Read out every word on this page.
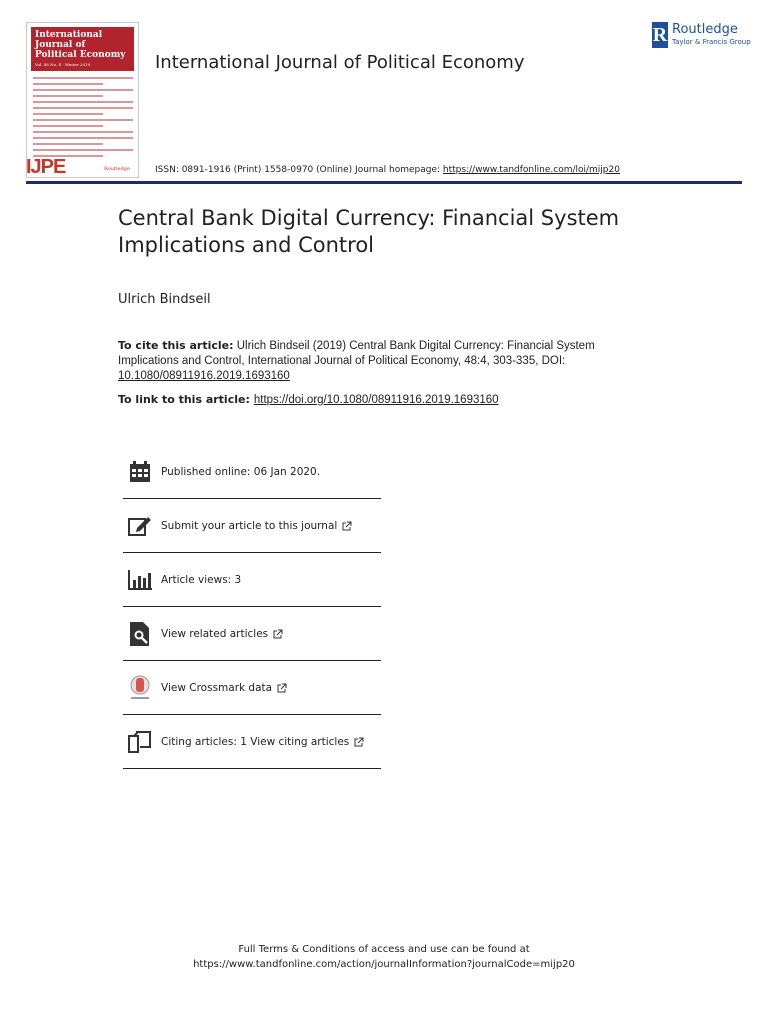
International Journal of Political Economy
Vol. 48 No. 4 · Winter 2019
IJPE	Routledge
International Journal of Political Economy
R Routledge
Taylor & Francis Group
ISSN: 0891-1916 (Print) 1558-0970 (Online) Journal homepage: https://www.tandfonline.com/loi/mijp20
Central Bank Digital Currency: Financial System Implications and Control
Ulrich Bindseil
To cite this article: Ulrich Bindseil (2019) Central Bank Digital Currency: Financial System Implications and Control, International Journal of Political Economy, 48:4, 303-335, DOI: 10.1080/08911916.2019.1693160
To link to this article: https://doi.org/10.1080/08911916.2019.1693160
Published online: 06 Jan 2020.
Submit your article to this journal
Article views: 3
View related articles
View Crossmark data
Citing articles: 1 View citing articles
Full Terms & Conditions of access and use can be found at
https://www.tandfonline.com/action/journalInformation?journalCode=mijp20
